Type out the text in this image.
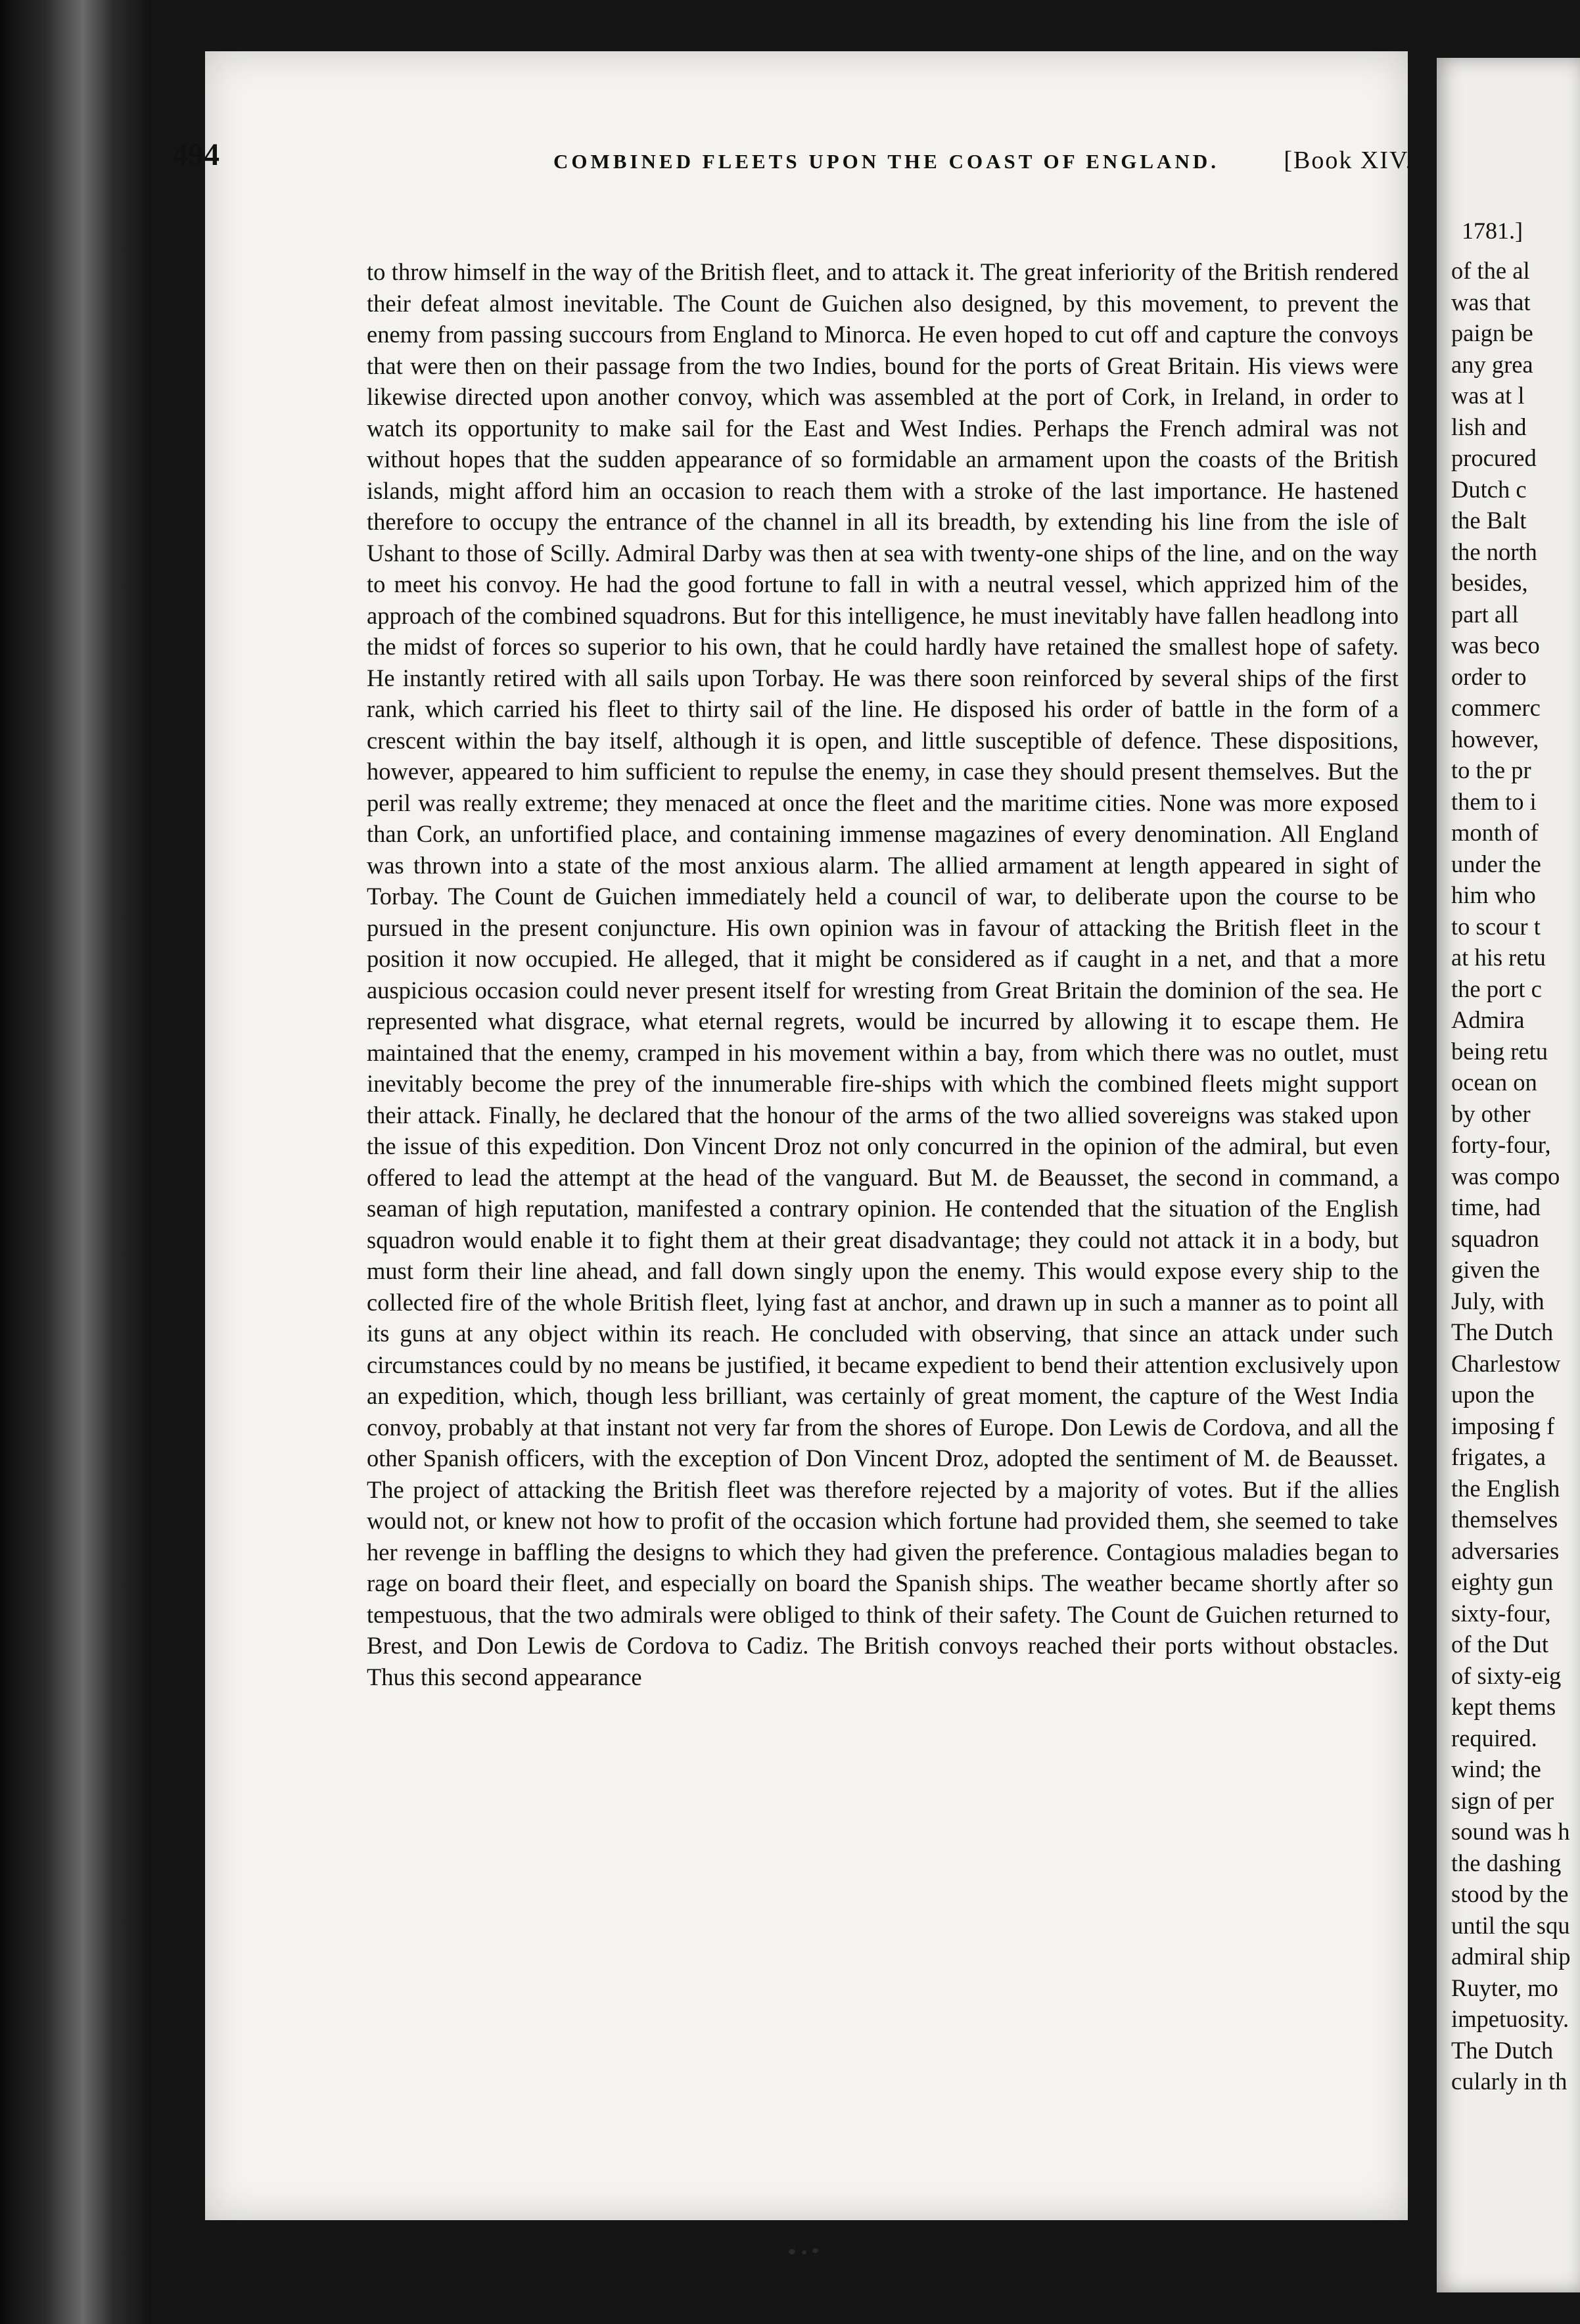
494	COMBINED FLEETS UPON THE COAST OF ENGLAND.	[Book XIV.

to throw himself in the way of the British fleet, and to attack it. The great inferiority of the British rendered their defeat almost inevitable. The Count de Guichen also designed, by this movement, to prevent the enemy from passing succours from England to Minorca. He even hoped to cut off and capture the convoys that were then on their passage from the two Indies, bound for the ports of Great Britain. His views were likewise directed upon another convoy, which was assembled at the port of Cork, in Ireland, in order to watch its opportunity to make sail for the East and West Indies. Perhaps the French admiral was not without hopes that the sudden appearance of so formidable an armament upon the coasts of the British islands, might afford him an occasion to reach them with a stroke of the last importance. He hastened therefore to occupy the entrance of the channel in all its breadth, by extending his line from the isle of Ushant to those of Scilly. Admiral Darby was then at sea with twenty-one ships of the line, and on the way to meet his convoy. He had the good fortune to fall in with a neutral vessel, which apprized him of the approach of the combined squadrons. But for this intelligence, he must inevitably have fallen headlong into the midst of forces so superior to his own, that he could hardly have retained the smallest hope of safety. He instantly retired with all sails upon Torbay. He was there soon reinforced by several ships of the first rank, which carried his fleet to thirty sail of the line. He disposed his order of battle in the form of a crescent within the bay itself, although it is open, and little susceptible of defence. These dispositions, however, appeared to him sufficient to repulse the enemy, in case they should present themselves. But the peril was really extreme; they menaced at once the fleet and the maritime cities. None was more exposed than Cork, an unfortified place, and containing immense magazines of every denomination. All England was thrown into a state of the most anxious alarm. The allied armament at length appeared in sight of Torbay. The Count de Guichen immediately held a council of war, to deliberate upon the course to be pursued in the present conjuncture. His own opinion was in favour of attacking the British fleet in the position it now occupied. He alleged, that it might be considered as if caught in a net, and that a more auspicious occasion could never present itself for wresting from Great Britain the dominion of the sea. He represented what disgrace, what eternal regrets, would be incurred by allowing it to escape them. He maintained that the enemy, cramped in his movement within a bay, from which there was no outlet, must inevitably become the prey of the innumerable fire-ships with which the combined fleets might support their attack. Finally, he declared that the honour of the arms of the two allied sovereigns was staked upon the issue of this expedition. Don Vincent Droz not only concurred in the opinion of the admiral, but even offered to lead the attempt at the head of the vanguard. But M. de Beausset, the second in command, a seaman of high reputation, manifested a contrary opinion. He contended that the situation of the English squadron would enable it to fight them at their great disadvantage; they could not attack it in a body, but must form their line ahead, and fall down singly upon the enemy. This would expose every ship to the collected fire of the whole British fleet, lying fast at anchor, and drawn up in such a manner as to point all its guns at any object within its reach. He concluded with observing, that since an attack under such circumstances could by no means be justified, it became expedient to bend their attention exclusively upon an expedition, which, though less brilliant, was certainly of great moment, the capture of the West India convoy, probably at that instant not very far from the shores of Europe. Don Lewis de Cordova, and all the other Spanish officers, with the exception of Don Vincent Droz, adopted the sentiment of M. de Beausset. The project of attacking the British fleet was therefore rejected by a majority of votes. But if the allies would not, or knew not how to profit of the occasion which fortune had provided them, she seemed to take her revenge in baffling the designs to which they had given the preference. Contagious maladies began to rage on board their fleet, and especially on board the Spanish ships. The weather became shortly after so tempestuous, that the two admirals were obliged to think of their safety. The Count de Guichen returned to Brest, and Don Lewis de Cordova to Cadiz. The British convoys reached their ports without obstacles. Thus this second appearance

1781.]
of the al
was that
paign be
any grea
was at l
lish and
procured
Dutch c
the Balt
the north
besides,
part all
was beco
order to
commerc
however,
to the pr
them to i
month of
under the
him who
to scour t
at his retu
the port c
Admira
being retu
ocean on
by other
forty-four,
was compo
time, had
squadron
given the
July, with
The Dutch
Charlestow
upon the
imposing f
frigates, a
the English
themselves
adversaries
eighty gun
sixty-four,
of the Dut
of sixty-eig
kept thems
required.
wind; the
sign of per
sound was h
the dashing
stood by the
until the squ
admiral ship
Ruyter, mo
impetuosity.
The Dutch
cularly in th
